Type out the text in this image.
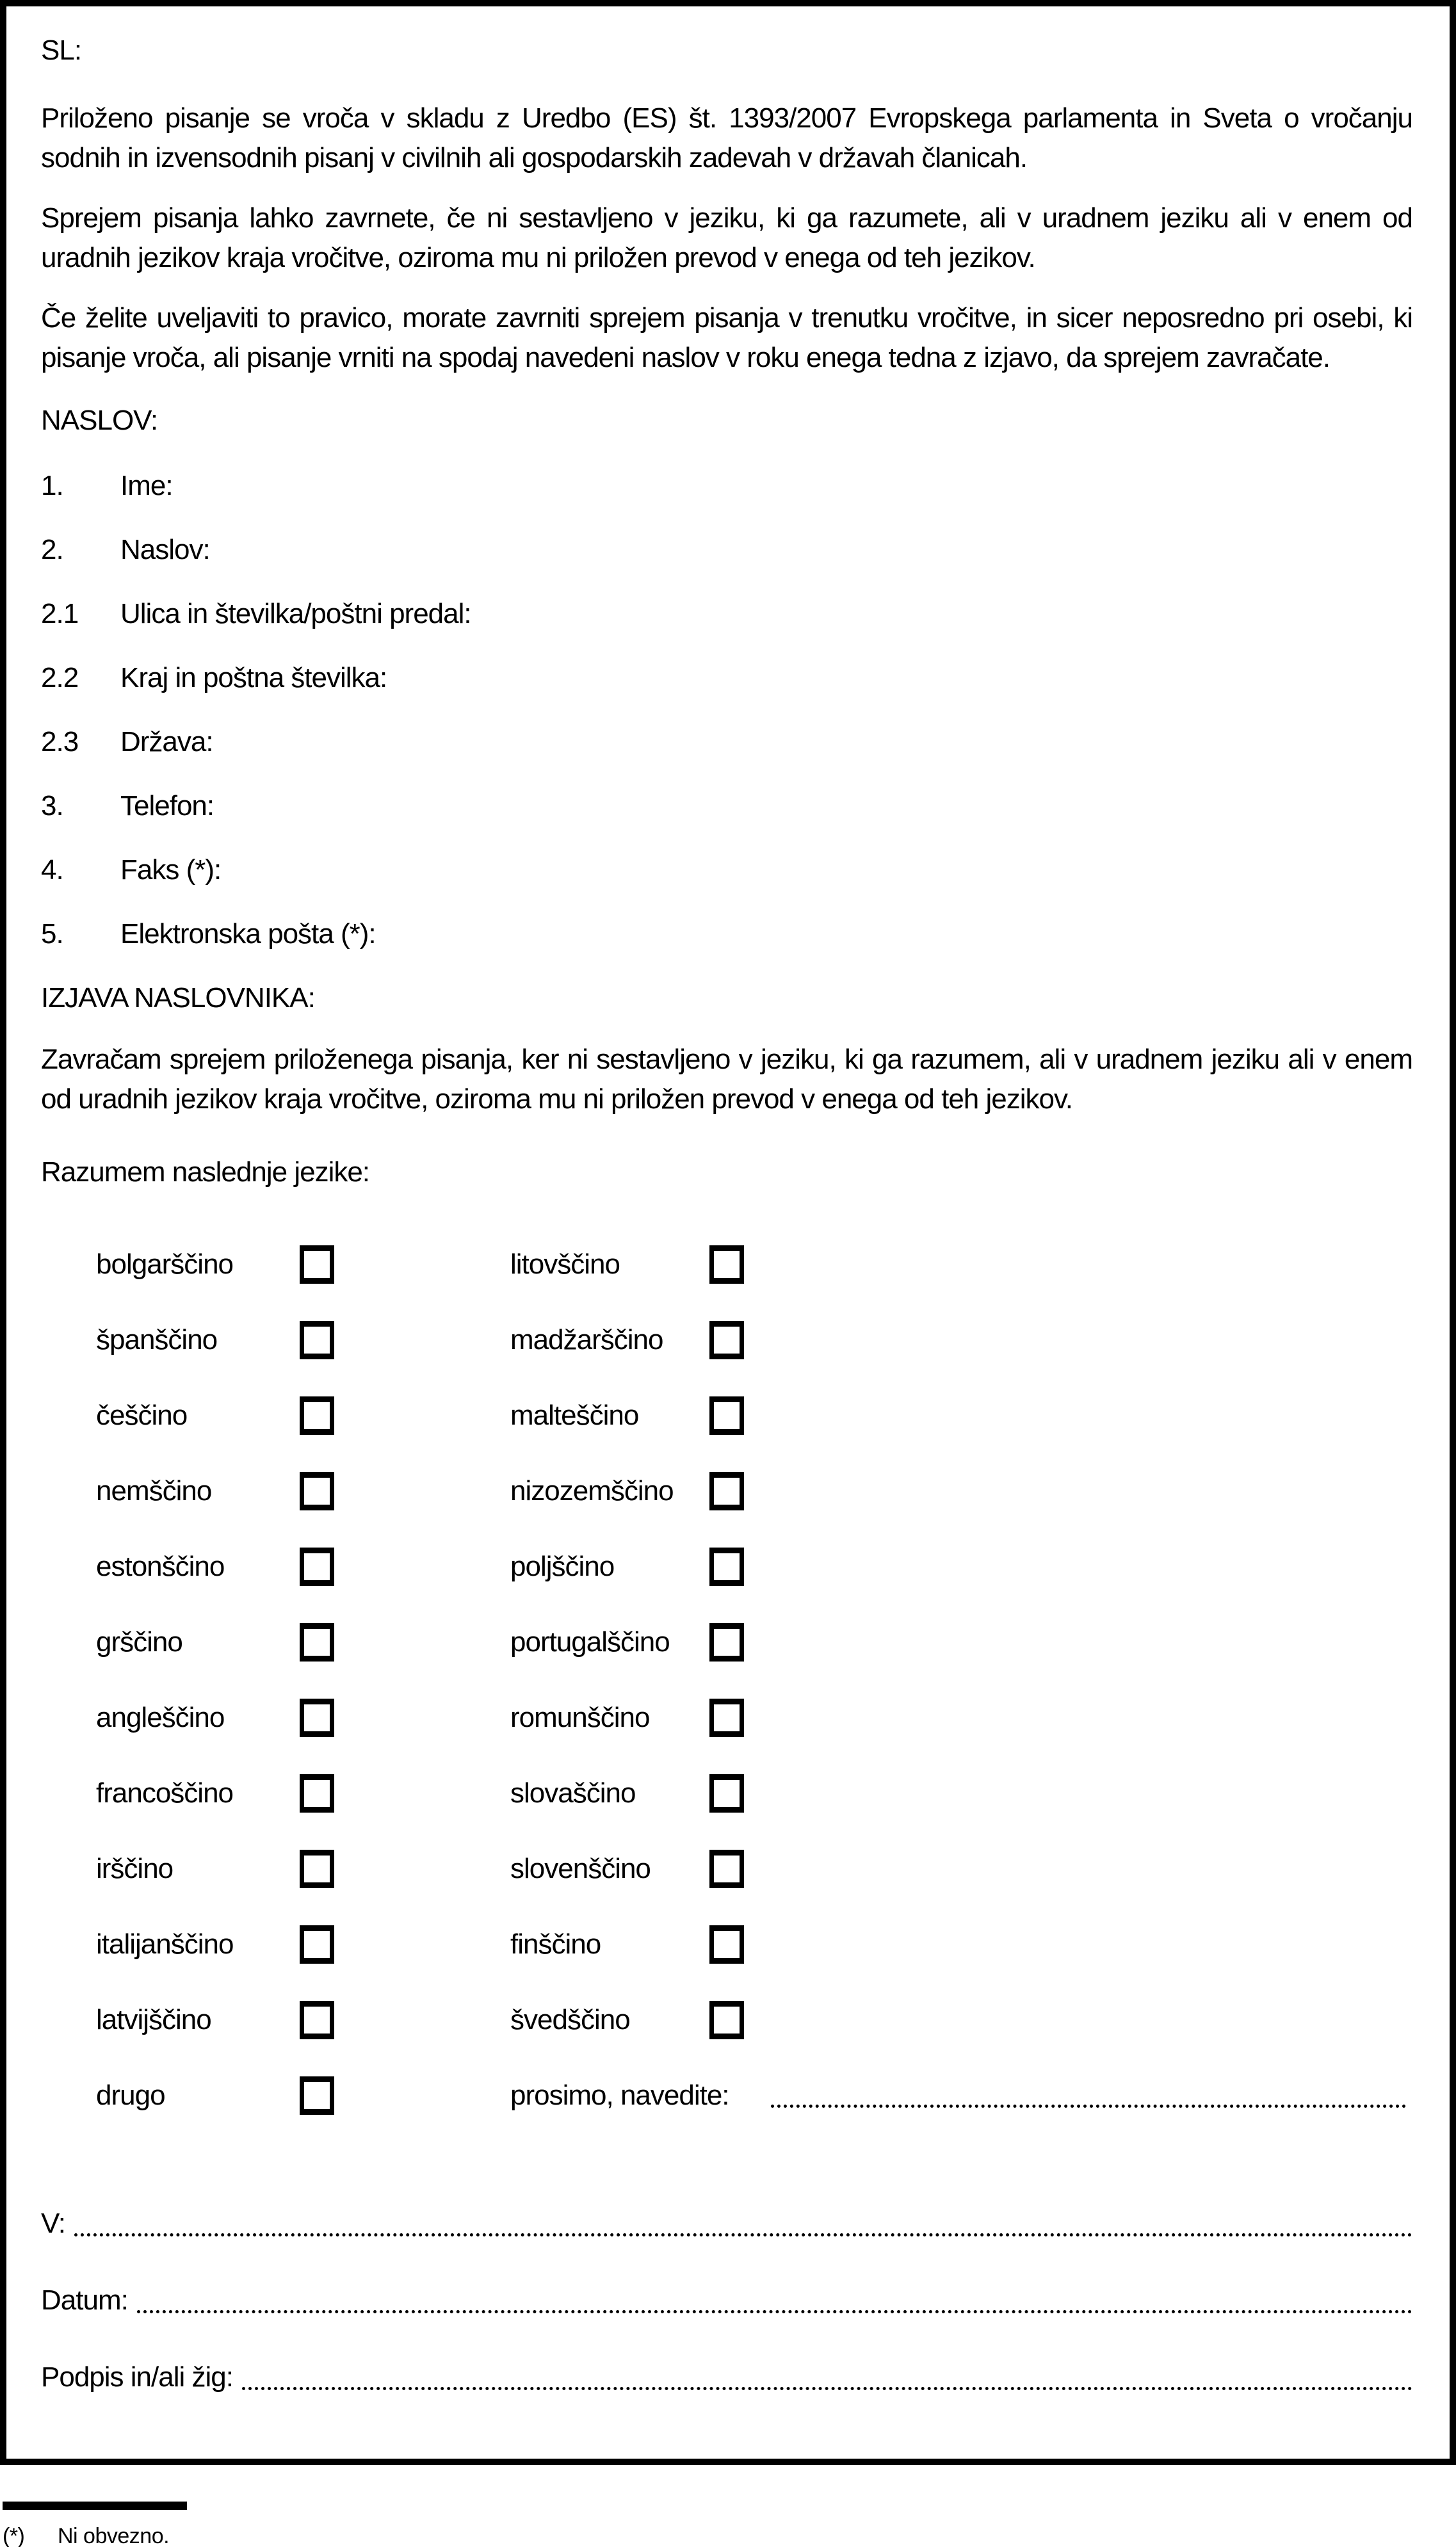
SL:

Priloženo pisanje se vroča v skladu z Uredbo (ES) št. 1393/2007 Evropskega parlamenta in Sveta o vročanju sodnih in izvensodnih pisanj v civilnih ali gospodarskih zadevah v državah članicah.

Sprejem pisanja lahko zavrnete, če ni sestavljeno v jeziku, ki ga razumete, ali v uradnem jeziku ali v enem od uradnih jezikov kraja vročitve, oziroma mu ni priložen prevod v enega od teh jezikov.

Če želite uveljaviti to pravico, morate zavrniti sprejem pisanja v trenutku vročitve, in sicer neposredno pri osebi, ki pisanje vroča, ali pisanje vrniti na spodaj navedeni naslov v roku enega tedna z izjavo, da sprejem zavračate.

NASLOV:

1. Ime:
2. Naslov:
2.1 Ulica in številka/poštni predal:
2.2 Kraj in poštna številka:
2.3 Država:
3. Telefon:
4. Faks (*):
5. Elektronska pošta (*):

IZJAVA NASLOVNIKA:

Zavračam sprejem priloženega pisanja, ker ni sestavljeno v jeziku, ki ga razumem, ali v uradnem jeziku ali v enem od uradnih jezikov kraja vročitve, oziroma mu ni priložen prevod v enega od teh jezikov.

Razumem naslednje jezike:

bolgarščino	litovščino
španščino	madžarščino
češčino	malteščino
nemščino	nizozemščino
estonščino	poljščino
grščino	portugalščino
angleščino	romunščino
francoščino	slovaščino
irščino	slovenščino
italijanščino	finščino
latvijščino	švedščino
drugo	prosimo, navedite:
V:
Datum:
Podpis in/ali žig:
(*)	Ni obvezno.
